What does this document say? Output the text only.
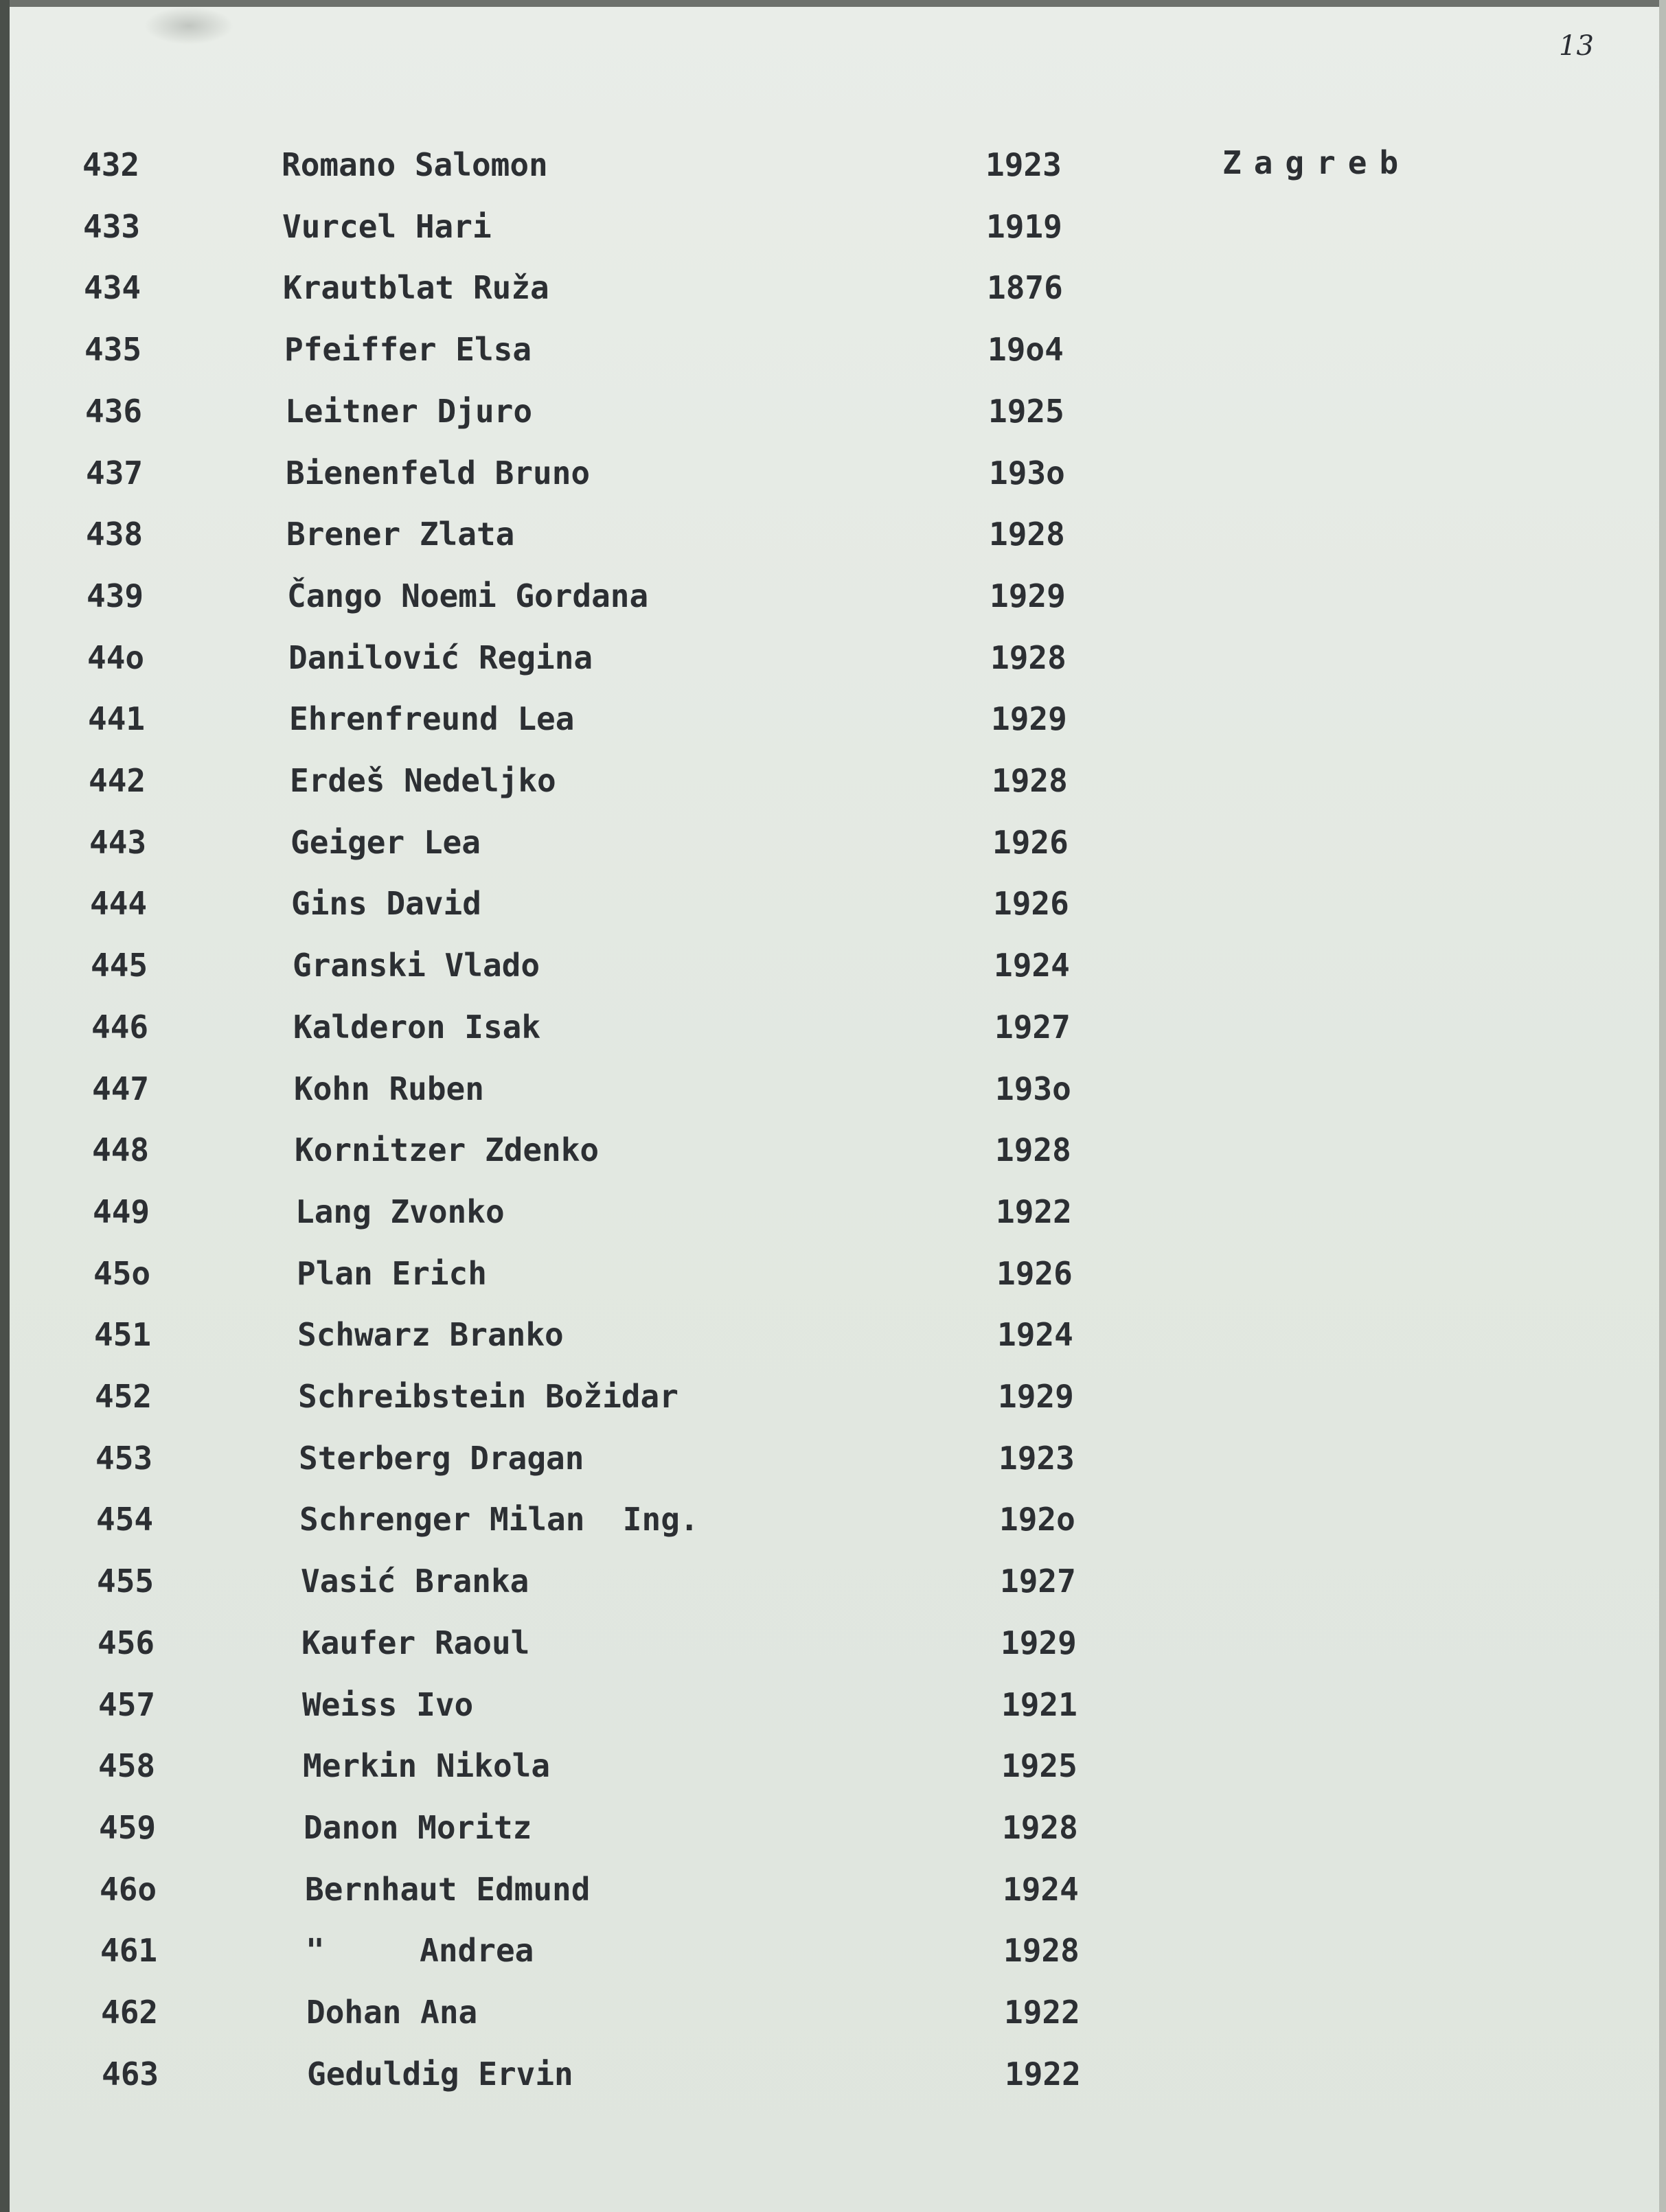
13
Zagreb
432	Romano Salomon	1923
433	Vurcel Hari	1919
434	Krautblat Ruža	1876
435	Pfeiffer Elsa	19o4
436	Leitner Djuro	1925
437	Bienenfeld Bruno	193o
438	Brener Zlata	1928
439	Čango Noemi Gordana	1929
44o	Danilović Regina	1928
441	Ehrenfreund Lea	1929
442	Erdeš Nedeljko	1928
443	Geiger Lea	1926
444	Gins David	1926
445	Granski Vlado	1924
446	Kalderon Isak	1927
447	Kohn Ruben	193o
448	Kornitzer Zdenko	1928
449	Lang Zvonko	1922
45o	Plan Erich	1926
451	Schwarz Branko	1924
452	Schreibstein Božidar	1929
453	Sterberg Dragan	1923
454	Schrenger Milan  Ing.	192o
455	Vasić Branka	1927
456	Kaufer Raoul	1929
457	Weiss Ivo	1921
458	Merkin Nikola	1925
459	Danon Moritz	1928
46o	Bernhaut Edmund	1924
461	"     Andrea	1928
462	Dohan Ana	1922
463	Geduldig Ervin	1922
